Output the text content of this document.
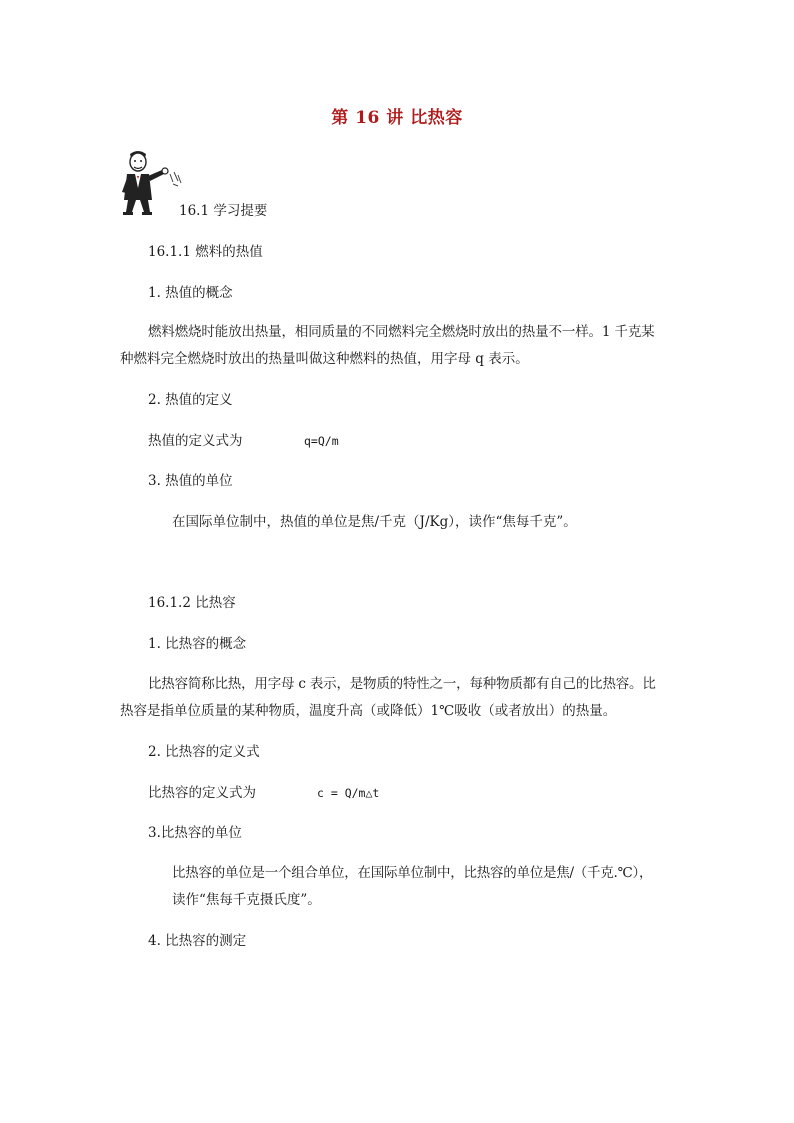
第 16 讲 比热容
16.1 学习提要
16.1.1 燃料的热值
1. 热值的概念
燃料燃烧时能放出热量，相同质量的不同燃料完全燃烧时放出的热量不一样。1 千克某
种燃料完全燃烧时放出的热量叫做这种燃料的热值，用字母 q 表示。
2. 热值的定义
热值的定义式为	q=Q/m
3. 热值的单位
在国际单位制中，热值的单位是焦/千克（J/Kg），读作“焦每千克”。
16.1.2 比热容
1. 比热容的概念
比热容简称比热，用字母 c 表示，是物质的特性之一，每种物质都有自己的比热容。比
热容是指单位质量的某种物质，温度升高（或降低）1℃吸收（或者放出）的热量。
2. 比热容的定义式
比热容的定义式为	c = Q/m△t
3.比热容的单位
比热容的单位是一个组合单位，在国际单位制中，比热容的单位是焦/（千克.℃），
读作“焦每千克摄氏度”。
4. 比热容的测定
